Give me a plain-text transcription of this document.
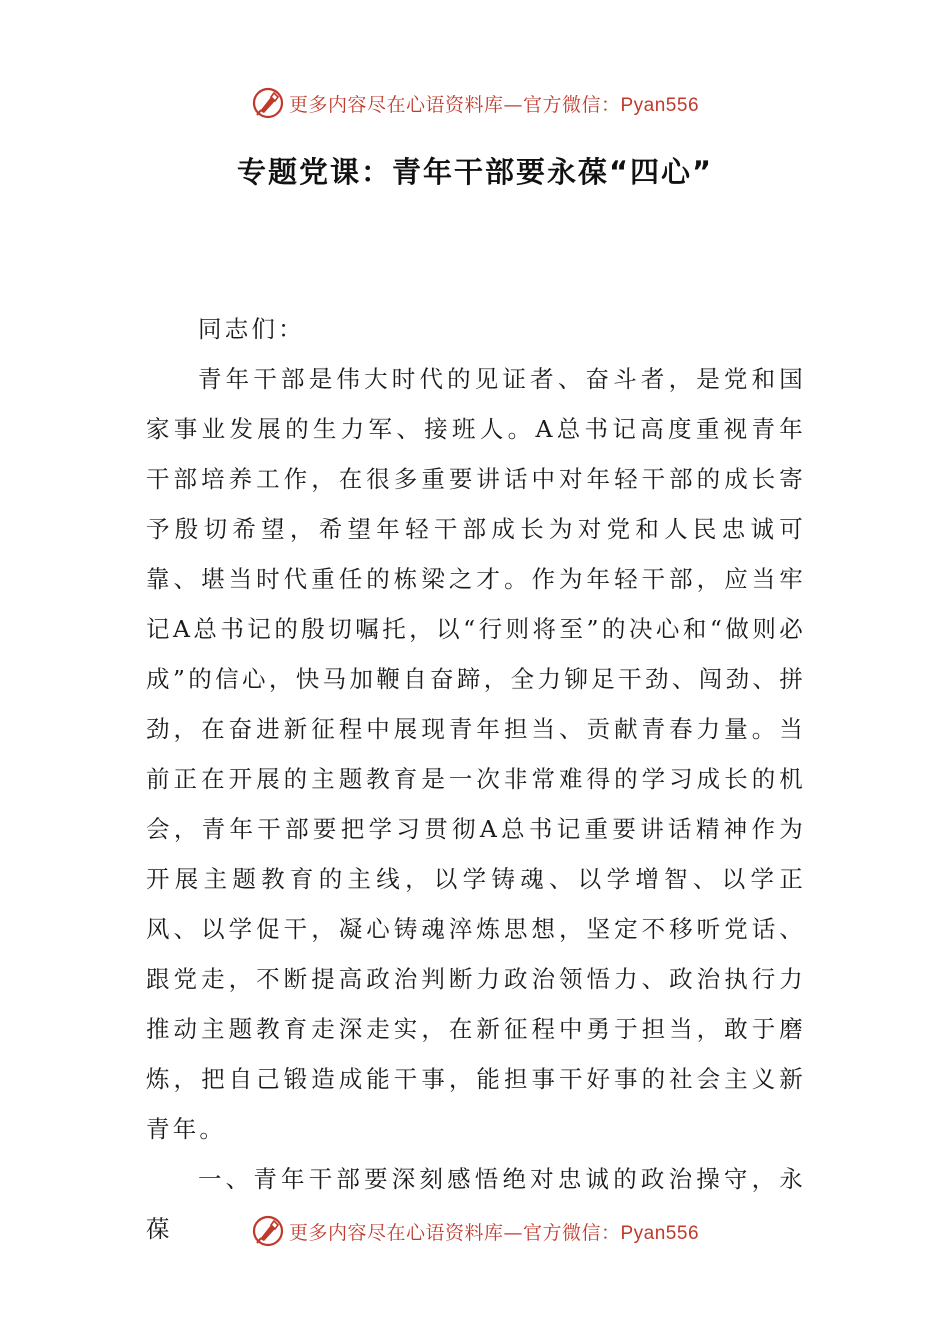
更多内容尽在心语资料库—官方微信：Pyan556
专题党课：青年干部要永葆“四心”

同志们：

青年干部是伟大时代的见证者、奋斗者，是党和国家事业发展的生力军、接班人。A总书记高度重视青年干部培养工作，在很多重要讲话中对年轻干部的成长寄予殷切希望，希望年轻干部成长为对党和人民忠诚可靠、堪当时代重任的栋梁之才。作为年轻干部，应当牢记A总书记的殷切嘱托，以“行则将至”的决心和“做则必成”的信心，快马加鞭自奋蹄，全力铆足干劲、闯劲、拼劲，在奋进新征程中展现青年担当、贡献青春力量。当前正在开展的主题教育是一次非常难得的学习成长的机会，青年干部要把学习贯彻A总书记重要讲话精神作为开展主题教育的主线，以学铸魂、以学增智、以学正风、以学促干，凝心铸魂淬炼思想，坚定不移听党话、跟党走，不断提高政治判断力政治领悟力、政治执行力推动主题教育走深走实，在新征程中勇于担当，敢于磨炼，把自己锻造成能干事，能担事干好事的社会主义新青年。

一、青年干部要深刻感悟绝对忠诚的政治操守，永葆	更多内容尽在心语资料库—官方微信：Pyan556
